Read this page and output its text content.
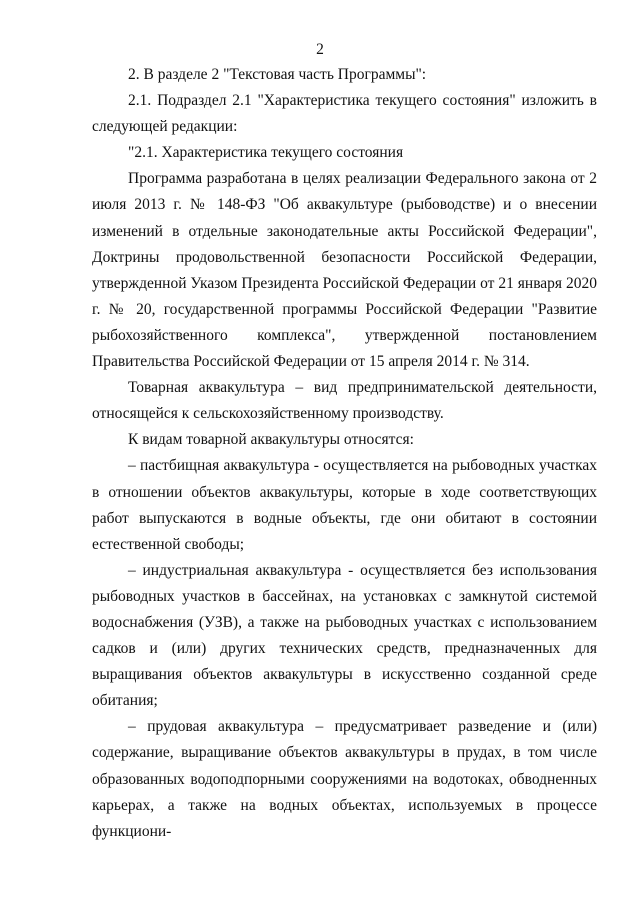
2

2. В разделе 2 "Текстовая часть Программы":

2.1. Подраздел 2.1 "Характеристика текущего состояния" изложить в следующей редакции:

"2.1. Характеристика текущего состояния

Программа разработана в целях реализации Федерального закона от 2 июля 2013 г. № 148-ФЗ "Об аквакультуре (рыбоводстве) и о внесении изменений в отдельные законодательные акты Российской Федерации", Доктрины продовольственной безопасности Российской Федерации, утвержденной Указом Президента Российской Федерации от 21 января 2020 г. № 20, государственной программы Российской Федерации "Развитие рыбохозяйственного комплекса", утвержденной постановлением Правительства Российской Федерации от 15 апреля 2014 г. № 314.

Товарная аквакультура – вид предпринимательской деятельности, относящейся к сельскохозяйственному производству.

К видам товарной аквакультуры относятся:

– пастбищная аквакультура - осуществляется на рыбоводных участках в отношении объектов аквакультуры, которые в ходе соответствующих работ выпускаются в водные объекты, где они обитают в состоянии естественной свободы;

– индустриальная аквакультура - осуществляется без использования рыбоводных участков в бассейнах, на установках с замкнутой системой водоснабжения (УЗВ), а также на рыбоводных участках с использованием садков и (или) других технических средств, предназначенных для выращивания объектов аквакультуры в искусственно созданной среде обитания;

– прудовая аквакультура – предусматривает разведение и (или) содержание, выращивание объектов аквакультуры в прудах, в том числе образованных водоподпорными сооружениями на водотоках, обводненных карьерах, а также на водных объектах, используемых в процессе функциони-
